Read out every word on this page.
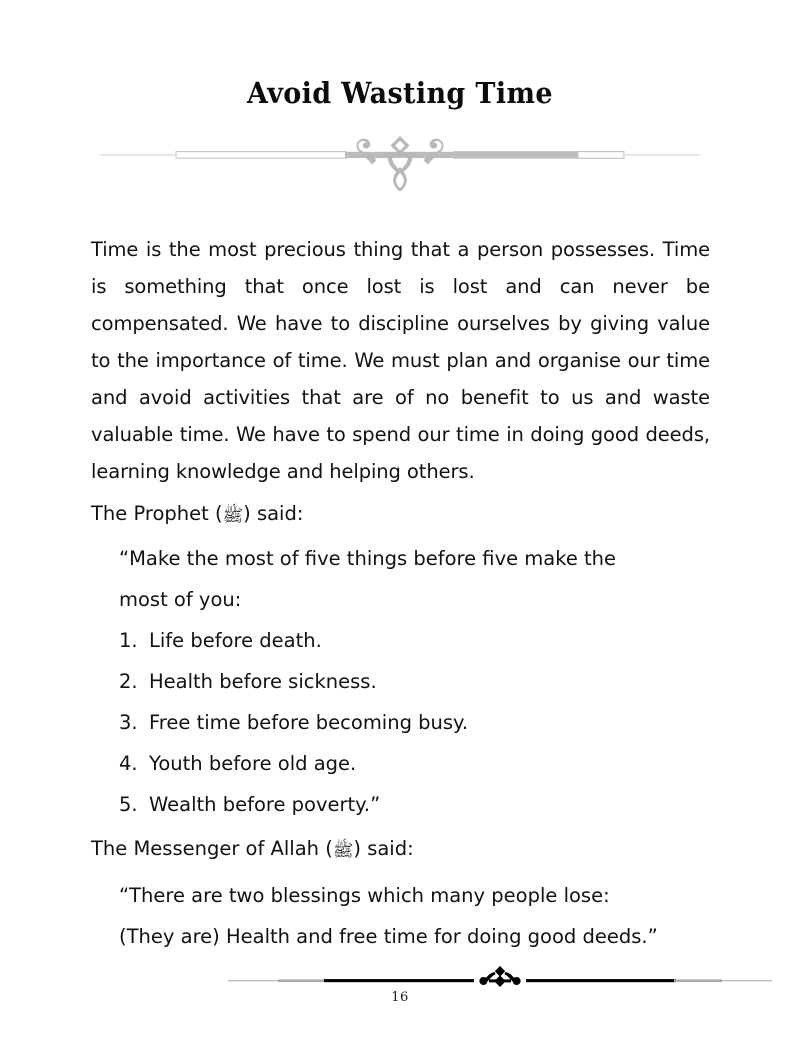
Avoid Wasting Time

Time is the most precious thing that a person possesses. Time is something that once lost is lost and can never be compensated. We have to discipline ourselves by giving value to the importance of time. We must plan and organise our time and avoid activities that are of no benefit to us and waste valuable time. We have to spend our time in doing good deeds, learning knowledge and helping others.

The Prophet (ﷺ) said:

“Make the most of five things before five make the

most of you:

1. Life before death.
2. Health before sickness.
3. Free time before becoming busy.
4. Youth before old age.
5. Wealth before poverty.”

The Messenger of Allah (ﷺ) said:

“There are two blessings which many people lose:

(They are) Health and free time for doing good deeds.”

16
